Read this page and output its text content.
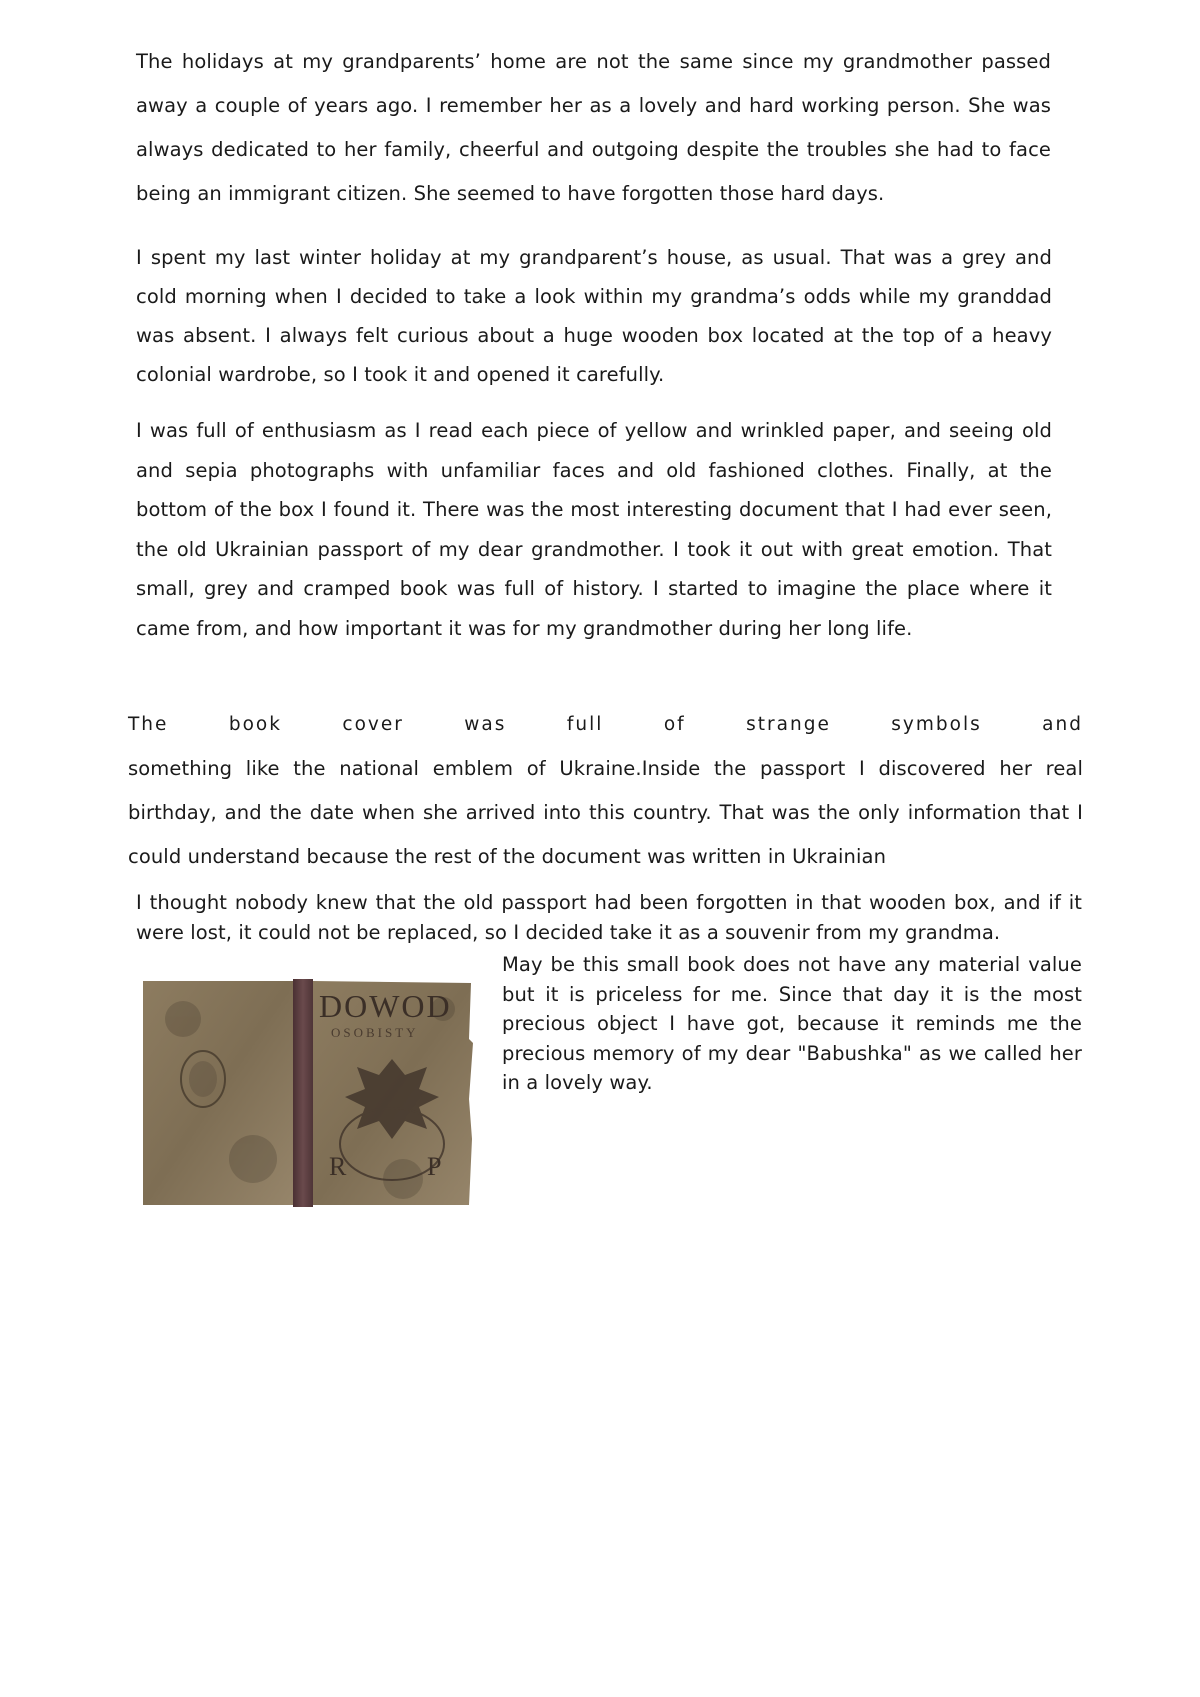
The holidays at my grandparents’ home are not the same since my grandmother passed away a couple of years ago. I remember her as a lovely and hard working person. She was always dedicated to her family, cheerful and outgoing despite the troubles she had to face being an immigrant citizen. She seemed to have forgotten those hard days.

I spent my last winter holiday at my grandparent’s house, as usual. That was a grey and cold morning when I decided to take a look within my grandma’s odds while my granddad was absent. I always felt curious about a huge wooden box located at the top of a heavy colonial wardrobe, so I took it and opened it carefully.

I was full of enthusiasm as I read each piece of yellow and wrinkled paper, and seeing old and sepia photographs with unfamiliar faces and old fashioned clothes. Finally, at the bottom of the box I found it. There was the most interesting document that I had ever seen, the old Ukrainian passport of my dear grandmother. I took it out with great emotion. That small, grey and cramped book was full of history. I started to imagine the place where it came from, and how important it was for my grandmother during her long life.

The book cover was full of strange symbols and
something like the national emblem of Ukraine.Inside the passport I discovered her real birthday, and the date when she arrived into this country. That was the only information that I could understand because the rest of the document was written in Ukrainian

I thought nobody knew that the old passport had been forgotten in that wooden box, and if it were lost, it could not be replaced, so I decided take it as a souvenir from my grandma.

May be this small book does not have any material value but it is priceless for me. Since that day it is the most precious object I have got, because it reminds me the precious memory of my dear "Babushka" as we called her in a lovely way.

DOWOD
OSOBISTY
R	P
